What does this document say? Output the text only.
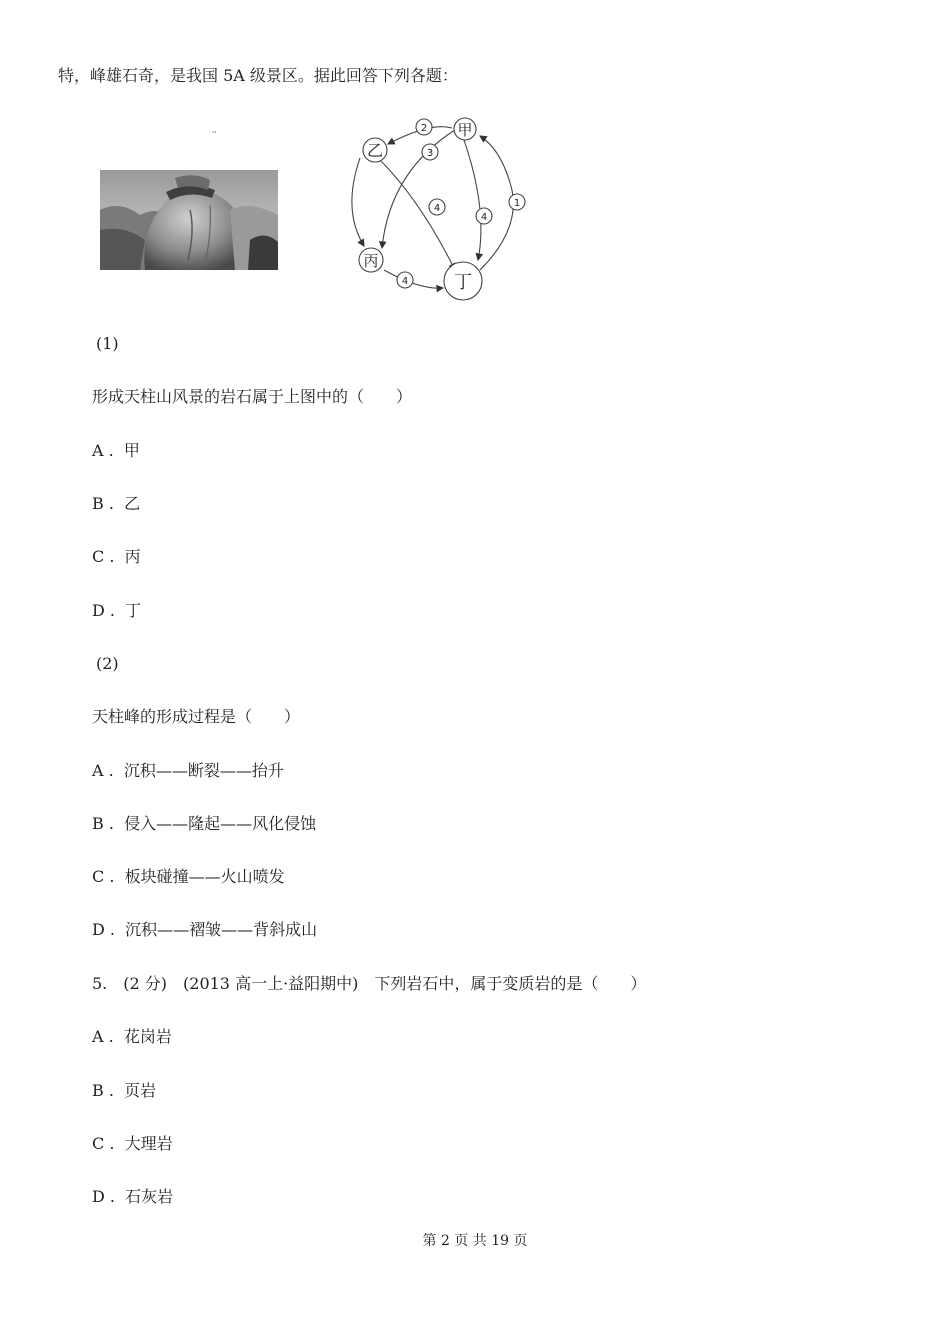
特，峰雄石奇，是我国 5A 级景区。据此回答下列各题：
ᵕ	甲
乙
丙
丁
2
3
4
4
1
4
(1)
形成天柱山风景的岩石属于上图中的（　　）
A . 甲
B . 乙
C . 丙
D . 丁
(2)
天柱峰的形成过程是（　　）
A . 沉积——断裂——抬升
B . 侵入——隆起——风化侵蚀
C . 板块碰撞——火山喷发
D . 沉积——褶皱——背斜成山
5.　(2 分)　(2013 高一上·益阳期中)　下列岩石中，属于变质岩的是（　　）
A . 花岗岩
B . 页岩
C . 大理岩
D . 石灰岩
第 2 页 共 19 页
